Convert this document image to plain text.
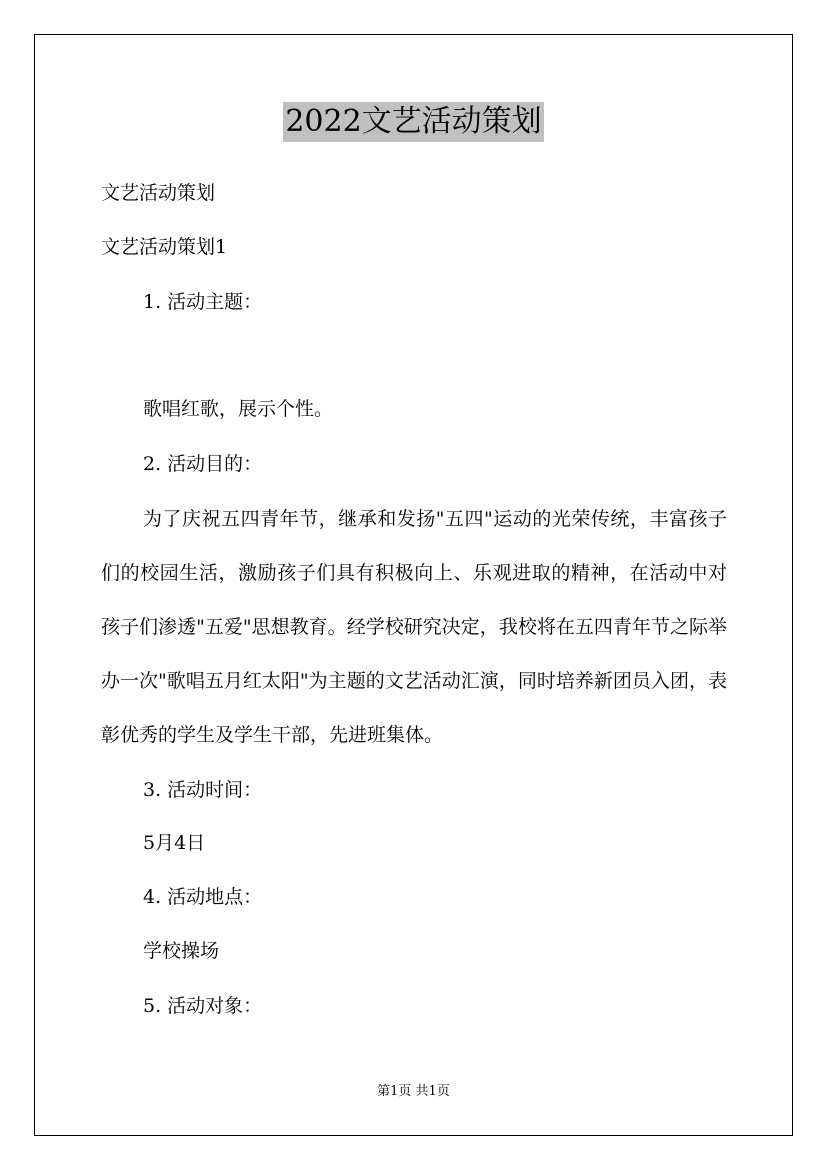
2022文艺活动策划
文艺活动策划
文艺活动策划1
1. 活动主题：
歌唱红歌，展示个性。
2. 活动目的：
为了庆祝五四青年节，继承和发扬"五四"运动的光荣传统，丰富孩子们的校园生活，激励孩子们具有积极向上、乐观进取的精神，在活动中对孩子们渗透"五爱"思想教育。经学校研究决定，我校将在五四青年节之际举办一次"歌唱五月红太阳"为主题的文艺活动汇演，同时培养新团员入团，表彰优秀的学生及学生干部，先进班集体。
3. 活动时间：
5月4日
4. 活动地点：
学校操场
5. 活动对象：
第1页 共1页
